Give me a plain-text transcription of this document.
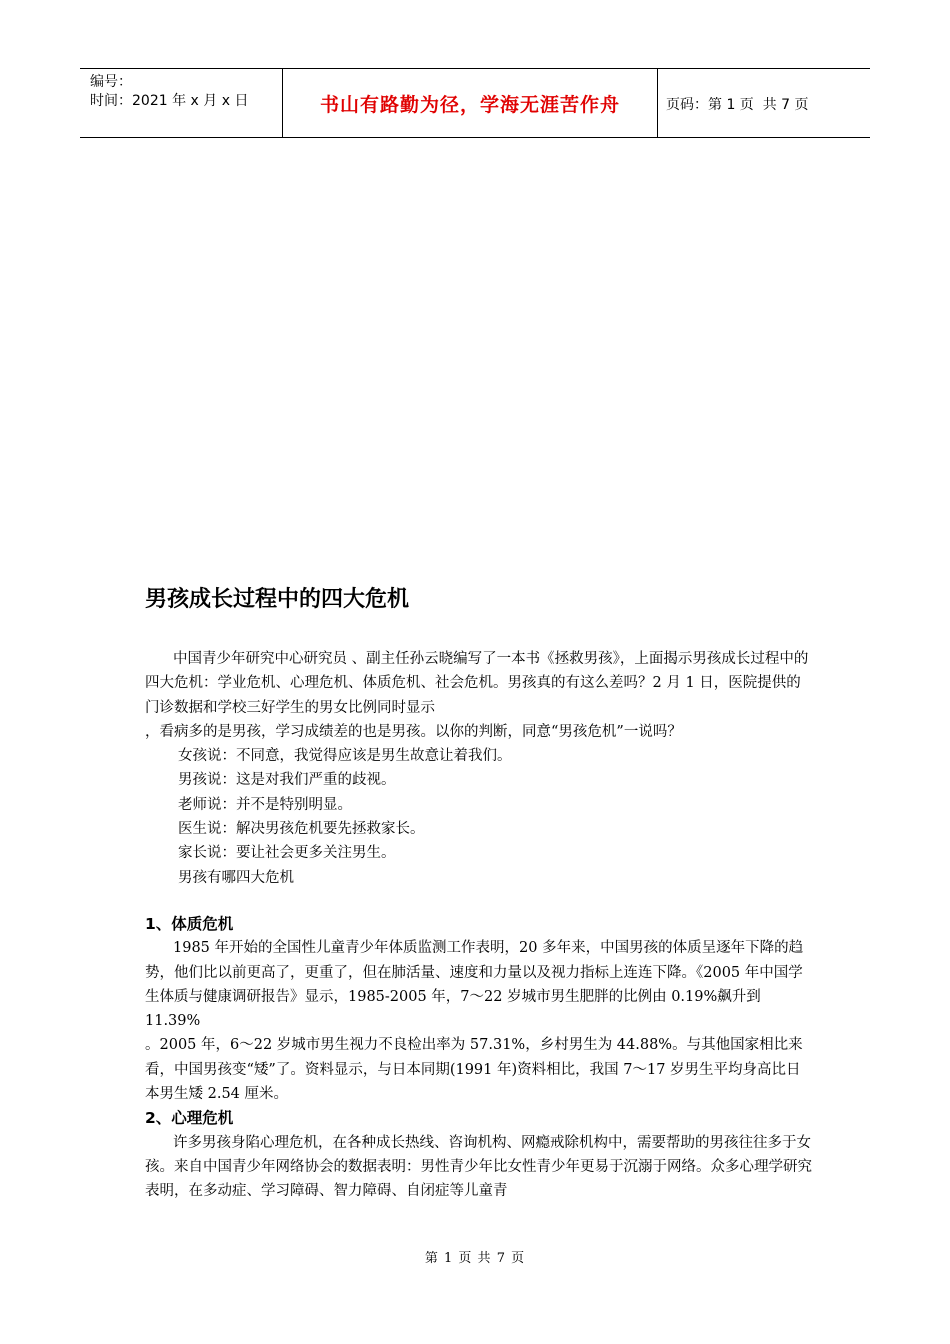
编号：
时间：2021 年 x 月 x 日	书山有路勤为径，学海无涯苦作舟	页码：第 1 页  共 7 页
男孩成长过程中的四大危机

中国青少年研究中心研究员 、副主任孙云晓编写了一本书《拯救男孩》，上面揭示男孩成长过程中的四大危机：学业危机、心理危机、体质危机、社会危机。男孩真的有这么差吗？2 月 1 日，医院提供的门诊数据和学校三好学生的男女比例同时显示

，看病多的是男孩，学习成绩差的也是男孩。以你的判断，同意“男孩危机”一说吗？

女孩说：不同意，我觉得应该是男生故意让着我们。

男孩说：这是对我们严重的歧视。

老师说：并不是特别明显。

医生说：解决男孩危机要先拯救家长。

家长说：要让社会更多关注男生。

男孩有哪四大危机

1、体质危机

1985 年开始的全国性儿童青少年体质监测工作表明，20 多年来，中国男孩的体质呈逐年下降的趋势，他们比以前更高了，更重了，但在肺活量、速度和力量以及视力指标上连连下降。《2005 年中国学生体质与健康调研报告》显示，1985-2005 年，7～22 岁城市男生肥胖的比例由 0.19%飙升到 11.39%

。2005 年，6～22 岁城市男生视力不良检出率为 57.31%，乡村男生为 44.88%。与其他国家相比来看，中国男孩变“矮”了。资料显示，与日本同期(1991 年)资料相比，我国 7～17 岁男生平均身高比日本男生矮 2.54 厘米。

2、心理危机

许多男孩身陷心理危机，在各种成长热线、咨询机构、网瘾戒除机构中，需要帮助的男孩往往多于女孩。来自中国青少年网络协会的数据表明：男性青少年比女性青少年更易于沉溺于网络。众多心理学研究表明，在多动症、学习障碍、智力障碍、自闭症等儿童青

第 1 页 共 7 页
